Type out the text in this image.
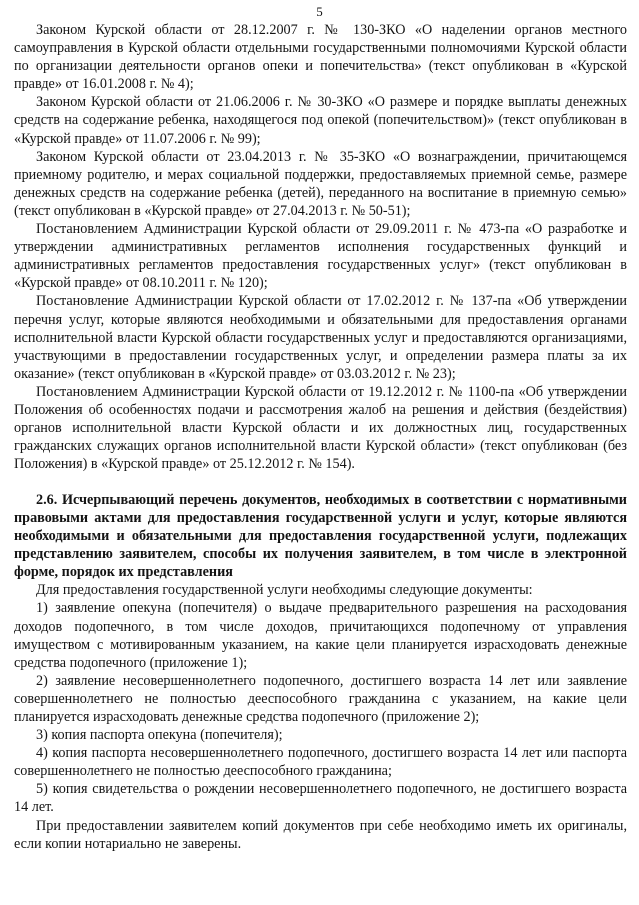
5

Законом Курской области от 28.12.2007 г. № 130-ЗКО «О наделении органов местного самоуправления в Курской области отдельными государственными полномочиями Курской области по организации деятельности органов опеки и попечительства» (текст опубликован в «Курской правде» от 16.01.2008 г. № 4);

Законом Курской области от 21.06.2006 г. № 30-ЗКО «О размере и порядке выплаты денежных средств на содержание ребенка, находящегося под опекой (попечительством)» (текст опубликован в «Курской правде» от 11.07.2006 г. № 99);

Законом Курской области от 23.04.2013 г. № 35-ЗКО «О вознаграждении, причитающемся приемному родителю, и мерах социальной поддержки, предоставляемых приемной семье, размере денежных средств на содержание ребенка (детей), переданного на воспитание в приемную семью» (текст опубликован в «Курской правде» от 27.04.2013 г. № 50-51);

Постановлением Администрации Курской области от 29.09.2011 г. № 473-па «О разработке и утверждении административных регламентов исполнения государственных функций и административных регламентов предоставления государственных услуг» (текст опубликован в «Курской правде» от 08.10.2011 г. № 120);

Постановление Администрации Курской области от 17.02.2012 г. № 137-па «Об утверждении перечня услуг, которые являются необходимыми и обязательными для предоставления органами исполнительной власти Курской области государственных услуг и предоставляются организациями, участвующими в предоставлении государственных услуг, и определении размера платы за их оказание» (текст опубликован в «Курской правде» от 03.03.2012 г. № 23);

Постановлением Администрации Курской области от 19.12.2012 г. № 1100-па «Об утверждении Положения об особенностях подачи и рассмотрения жалоб на решения и действия (бездействия) органов исполнительной власти Курской области и их должностных лиц, государственных гражданских служащих органов исполнительной власти Курской области» (текст опубликован (без Положения) в «Курской правде» от 25.12.2012 г. № 154).

2.6. Исчерпывающий перечень документов, необходимых в соответствии с нормативными правовыми актами для предоставления государственной услуги и услуг, которые являются необходимыми и обязательными для предоставления государственной услуги, подлежащих представлению заявителем, способы их получения заявителем, в том числе в электронной форме, порядок их представления

Для предоставления государственной услуги необходимы следующие документы:

1) заявление опекуна (попечителя) о выдаче предварительного разрешения на расходования доходов подопечного, в том числе доходов, причитающихся подопечному от управления имуществом с мотивированным указанием, на какие цели планируется израсходовать денежные средства подопечного (приложение 1);

2) заявление несовершеннолетнего подопечного, достигшего возраста 14 лет или заявление совершеннолетнего не полностью дееспособного гражданина с указанием, на какие цели планируется израсходовать денежные средства подопечного (приложение 2);

3) копия паспорта опекуна (попечителя);

4) копия паспорта несовершеннолетнего подопечного, достигшего возраста 14 лет или паспорта совершеннолетнего не полностью дееспособного гражданина;

5) копия свидетельства о рождении несовершеннолетнего подопечного, не достигшего возраста 14 лет.

При предоставлении заявителем копий документов при себе необходимо иметь их оригиналы, если копии нотариально не заверены.
